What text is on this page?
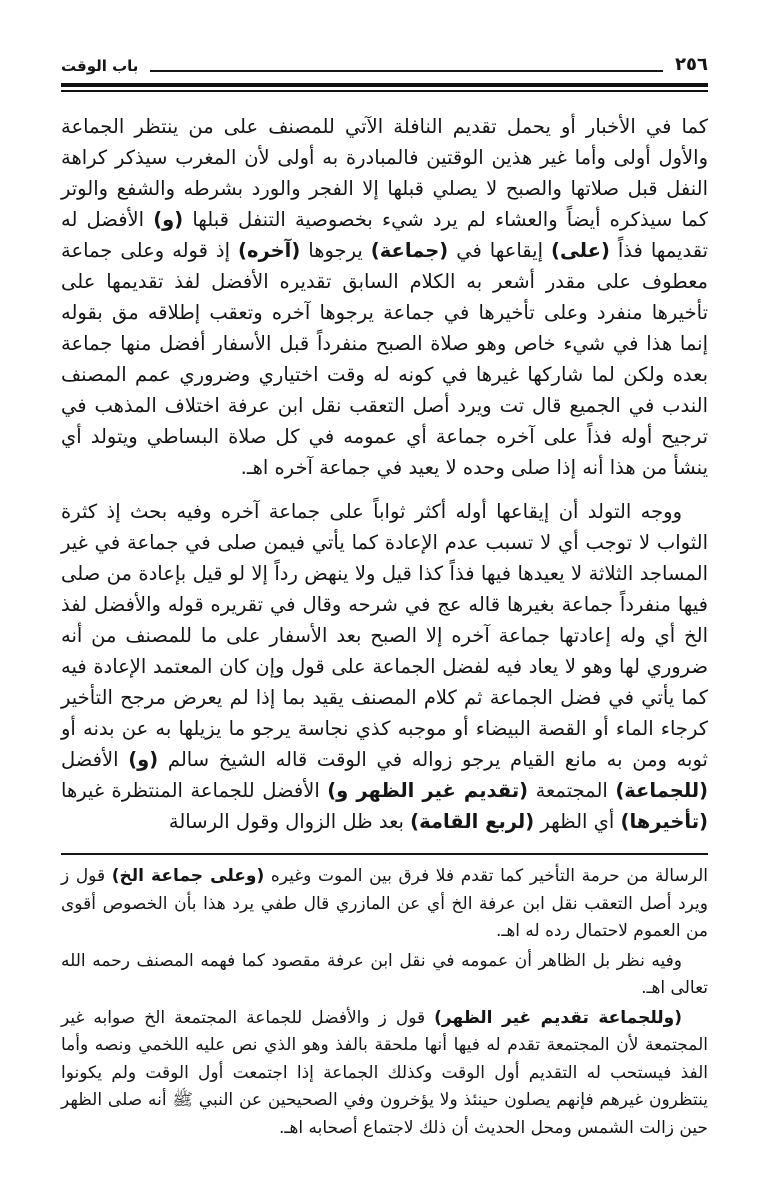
باب الوقت	٢٥٦

كما في الأخبار أو يحمل تقديم النافلة الآتي للمصنف على من ينتظر الجماعة والأول أولى وأما غير هذين الوقتين فالمبادرة به أولى لأن المغرب سيذكر كراهة النفل قبل صلاتها والصبح لا يصلي قبلها إلا الفجر والورد بشرطه والشفع والوتر كما سيذكره أيضاً والعشاء لم يرد شيء بخصوصية التنفل قبلها (و) الأفضل له تقديمها فذاً (على) إيقاعها في (جماعة) يرجوها (آخره) إذ قوله وعلى جماعة معطوف على مقدر أشعر به الكلام السابق تقديره الأفضل لفذ تقديمها على تأخيرها منفرد وعلى تأخيرها في جماعة يرجوها آخره وتعقب إطلاقه مق بقوله إنما هذا في شيء خاص وهو صلاة الصبح منفرداً قبل الأسفار أفضل منها جماعة بعده ولكن لما شاركها غيرها في كونه له وقت اختياري وضروري عمم المصنف الندب في الجميع قال تت ويرد أصل التعقب نقل ابن عرفة اختلاف المذهب في ترجيح أوله فذاً على آخره جماعة أي عمومه في كل صلاة البساطي ويتولد أي ينشأ من هذا أنه إذا صلى وحده لا يعيد في جماعة آخره اهـ.

ووجه التولد أن إيقاعها أوله أكثر ثواباً على جماعة آخره وفيه بحث إذ كثرة الثواب لا توجب أي لا تسبب عدم الإعادة كما يأتي فيمن صلى في جماعة في غير المساجد الثلاثة لا يعيدها فيها فذاً كذا قيل ولا ينهض رداً إلا لو قيل بإعادة من صلى فيها منفرداً جماعة بغيرها قاله عج في شرحه وقال في تقريره قوله والأفضل لفذ الخ أي وله إعادتها جماعة آخره إلا الصبح بعد الأسفار على ما للمصنف من أنه ضروري لها وهو لا يعاد فيه لفضل الجماعة على قول وإن كان المعتمد الإعادة فيه كما يأتي في فضل الجماعة ثم كلام المصنف يقيد بما إذا لم يعرض مرجح التأخير كرجاء الماء أو القصة البيضاء أو موجبه كذي نجاسة يرجو ما يزيلها به عن بدنه أو ثوبه ومن به مانع القيام يرجو زواله في الوقت قاله الشيخ سالم (و) الأفضل (للجماعة) المجتمعة (تقديم غير الظهر و) الأفضل للجماعة المنتظرة غيرها (تأخيرها) أي الظهر (لربع القامة) بعد ظل الزوال وقول الرسالة

الرسالة من حرمة التأخير كما تقدم فلا فرق بين الموت وغيره (وعلى جماعة الخ) قول ز ويرد أصل التعقب نقل ابن عرفة الخ أي عن المازري قال طفي يرد هذا بأن الخصوص أقوى من العموم لاحتمال رده له اهـ.

وفيه نظر بل الظاهر أن عمومه في نقل ابن عرفة مقصود كما فهمه المصنف رحمه الله تعالى اهـ.

(وللجماعة تقديم غير الظهر) قول ز والأفضل للجماعة المجتمعة الخ صوابه غير المجتمعة لأن المجتمعة تقدم له فيها أنها ملحقة بالفذ وهو الذي نص عليه اللخمي ونصه وأما الفذ فيستحب له التقديم أول الوقت وكذلك الجماعة إذا اجتمعت أول الوقت ولم يكونوا ينتظرون غيرهم فإنهم يصلون حينئذ ولا يؤخرون وفي الصحيحين عن النبي ﷺ أنه صلى الظهر حين زالت الشمس ومحل الحديث أن ذلك لاجتماع أصحابه اهـ.
